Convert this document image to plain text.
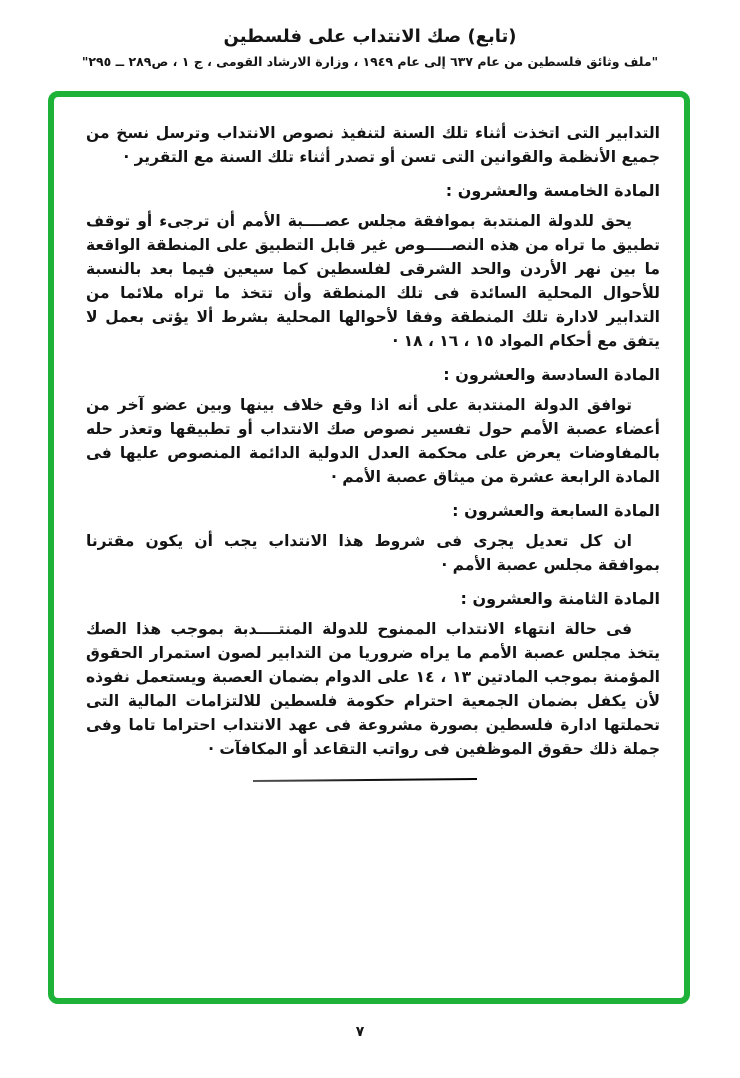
(تابع) صك الانتداب على فلسطين
"ملف وثائق فلسطين من عام ٦٣٧ إلى عام ١٩٤٩ ، وزارة الارشاد القومى ، ج ١ ، ص٢٨٩ ــ ٢٩٥"

التدابير التى اتخذت أثناء تلك السنة لتنفيذ نصوص الانتداب وترسل نسخ من جميع الأنظمة والقوانين التى تسن أو تصدر أثناء تلك السنة مع التقرير ·

المادة الخامسة والعشرون :

يحق للدولة المنتدبة بموافقة مجلس عصــــبة الأمم أن ترجىء أو توقف تطبيق ما تراه من هذه النصـــــوص غير قابل التطبيق على المنطقة الواقعة ما بين نهر الأردن والحد الشرقى لفلسطين كما سيعين فيما بعد بالنسبة للأحوال المحلية السائدة فى تلك المنطقة وأن تتخذ ما تراه ملائما من التدابير لادارة تلك المنطقة وفقا لأحوالها المحلية بشرط ألا يؤتى بعمل لا يتفق مع أحكام المواد ١٥ ، ١٦ ، ١٨ ·

المادة السادسة والعشرون :

توافق الدولة المنتدبة على أنه اذا وقع خلاف بينها وبين عضو آخر من أعضاء عصبة الأمم حول تفسير نصوص صك الانتداب أو تطبيقها وتعذر حله بالمفاوضات يعرض على محكمة العدل الدولية الدائمة المنصوص عليها فى المادة الرابعة عشرة من ميثاق عصبة الأمم ·

المادة السابعة والعشرون :

ان كل تعديل يجرى فى شروط هذا الانتداب يجب أن يكون مقترنا بموافقة مجلس عصبة الأمم ·

المادة الثامنة والعشرون :

فى حالة انتهاء الانتداب الممنوح للدولة المنتــــدبة بموجب هذا الصك يتخذ مجلس عصبة الأمم ما يراه ضروريا من التدابير لصون استمرار الحقوق المؤمنة بموجب المادتين ١٣ ، ١٤ على الدوام بضمان العصبة ويستعمل نفوذه لأن يكفل بضمان الجمعية احترام حكومة فلسطين للالتزامات المالية التى تحملتها ادارة فلسطين بصورة مشروعة فى عهد الانتداب احتراما تاما وفى جملة ذلك حقوق الموظفين فى رواتب التقاعد أو المكافآت ·

٧
